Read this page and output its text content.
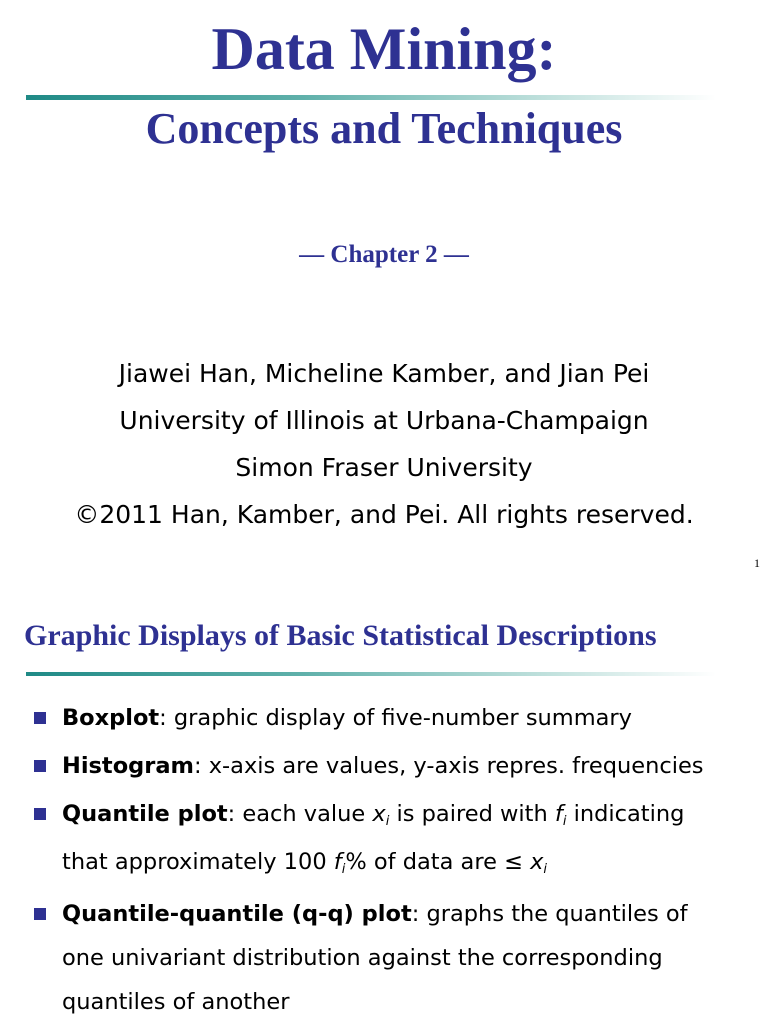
Data Mining:
Concepts and Techniques
— Chapter 2 —
Jiawei Han, Micheline Kamber, and Jian Pei
University of Illinois at Urbana-Champaign
Simon Fraser University
©2011 Han, Kamber, and Pei. All rights reserved.
1
Graphic Displays of Basic Statistical Descriptions
Boxplot: graphic display of five-number summary
Histogram: x-axis are values, y-axis repres. frequencies
Quantile plot: each value $x_i$ is paired with $f_i$ indicating
that approximately 100 $f_i\%$ of data are ≤ $x_i$
Quantile-quantile (q-q) plot: graphs the quantiles of
one univariant distribution against the corresponding
quantiles of another
